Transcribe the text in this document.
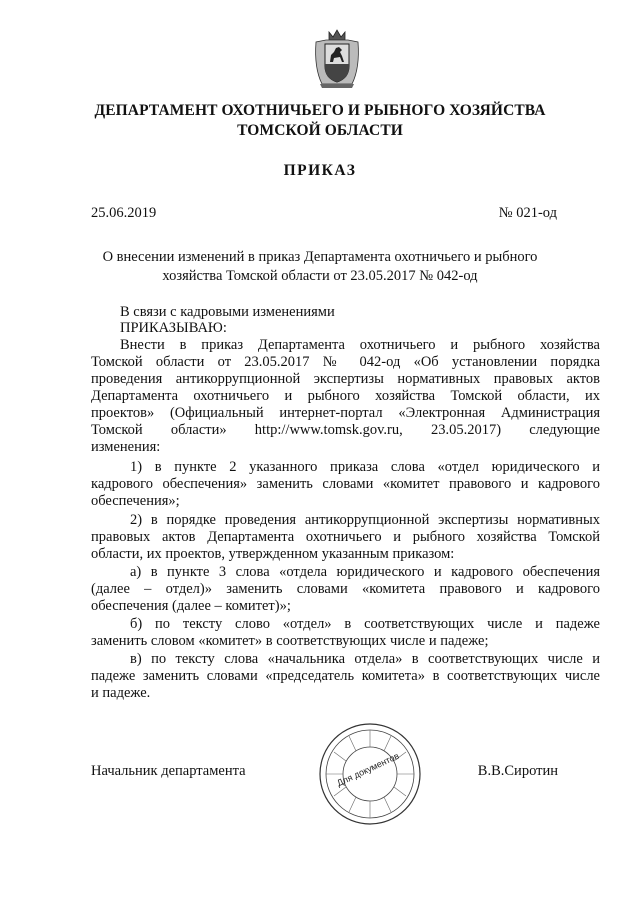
ДЕПАРТАМЕНТ ОХОТНИЧЬЕГО И РЫБНОГО ХОЗЯЙСТВА
ТОМСКОЙ ОБЛАСТИ
ПРИКАЗ
25.06.2019	№ 021-од
О внесении изменений в приказ Департамента охотничьего и рыбного
хозяйства Томской области от 23.05.2017 № 042-од
В связи с кадровыми изменениями
ПРИКАЗЫВАЮ:
Внести в приказ Департамента охотничьего и рыбного хозяйства
Томской области от 23.05.2017 № 042-од «Об установлении порядка
проведения антикоррупционной экспертизы нормативных правовых актов
Департамента охотничьего и рыбного хозяйства Томской области, их
проектов» (Официальный интернет-портал «Электронная Администрация
Томской области» http://www.tomsk.gov.ru, 23.05.2017) следующие
изменения:
1) в пункте 2 указанного приказа слова «отдел юридического и
кадрового обеспечения» заменить словами «комитет правового и кадрового
обеспечения»;
2) в порядке проведения антикоррупционной экспертизы нормативных
правовых актов Департамента охотничьего и рыбного хозяйства Томской
области, их проектов, утвержденном указанным приказом:
а) в пункте 3 слова «отдела юридического и кадрового обеспечения
(далее – отдел)» заменить словами «комитета правового и кадрового
обеспечения (далее – комитет)»;
б) по тексту слово «отдел» в соответствующих числе и падеже
заменить словом «комитет» в соответствующих числе и падеже;
в) по тексту слова «начальника отдела» в соответствующих числе и
падеже заменить словами «председатель комитета» в соответствующих числе
и падеже.
Для документов
Начальник департамента	В.В.Сиротин
